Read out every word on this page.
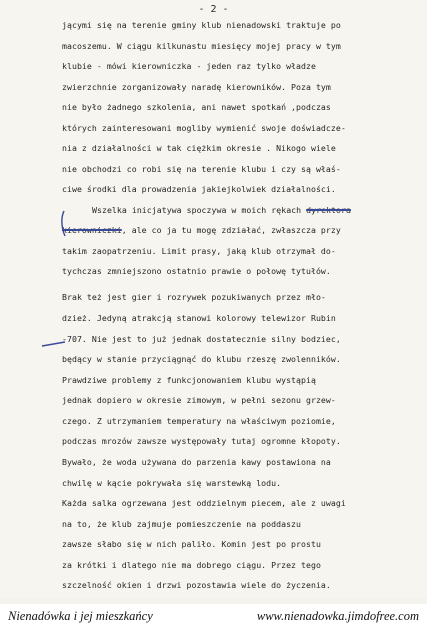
- 2 -
jącymi się na terenie gminy klub nienadowski traktuje po
macoszemu. W ciągu kilkunastu miesięcy mojej pracy w tym
klubie - mówi kierowniczka - jeden raz tylko władze
zwierzchnie zorganizowały naradę kierowników. Poza tym
nie było żadnego szkolenia, ani nawet spotkań ,podczas
których zainteresowani mogliby wymienić swoje doświadcze-
nia z działalności w tak ciężkim okresie . Nikogo wiele
nie obchodzi co robi się na terenie klubu i czy są właś-
ciwe środki dla prowadzenia jakiejkolwiek działalności.
Wszelka inicjatywa spoczywa w moich rękach dyrektora
kierowniczki, ale co ja tu mogę zdziałać, zwłaszcza przy
takim zaopatrzeniu. Limit prasy, jaką klub otrzymał do-
tychczas zmniejszono ostatnio prawie o połowę tytułów.
Brak też jest gier i rozrywek pozukiwanych przez mło-
dzież. Jedyną atrakcją stanowi kolorowy telewizor Rubin
-707. Nie jest to już jednak dostatecznie silny bodziec,
będący w stanie przyciągnąć do klubu rzeszę zwolenników.
Prawdziwe problemy z funkcjonowaniem klubu wystąpią
jednak dopiero w okresie zimowym, w pełni sezonu grzew-
czego. Z utrzymaniem temperatury na właściwym poziomie,
podczas mrozów zawsze występowały tutaj ogromne kłopoty.
Bywało, że woda używana do parzenia kawy postawiona na
chwilę w kącie pokrywała się warstewką lodu.
Każda salka ogrzewana jest oddzielnym piecem, ale z uwagi
na to, że klub zajmuje pomieszczenie na poddaszu
zawsze słabo się w nich paliło. Komin jest po prostu
za krótki i dlatego nie ma dobrego ciągu. Przez tego
szczelność okien i drzwi pozostawia wiele do życzenia.
Nienadówka i jej mieszkańcy	www.nienadowka.jimdofree.com
